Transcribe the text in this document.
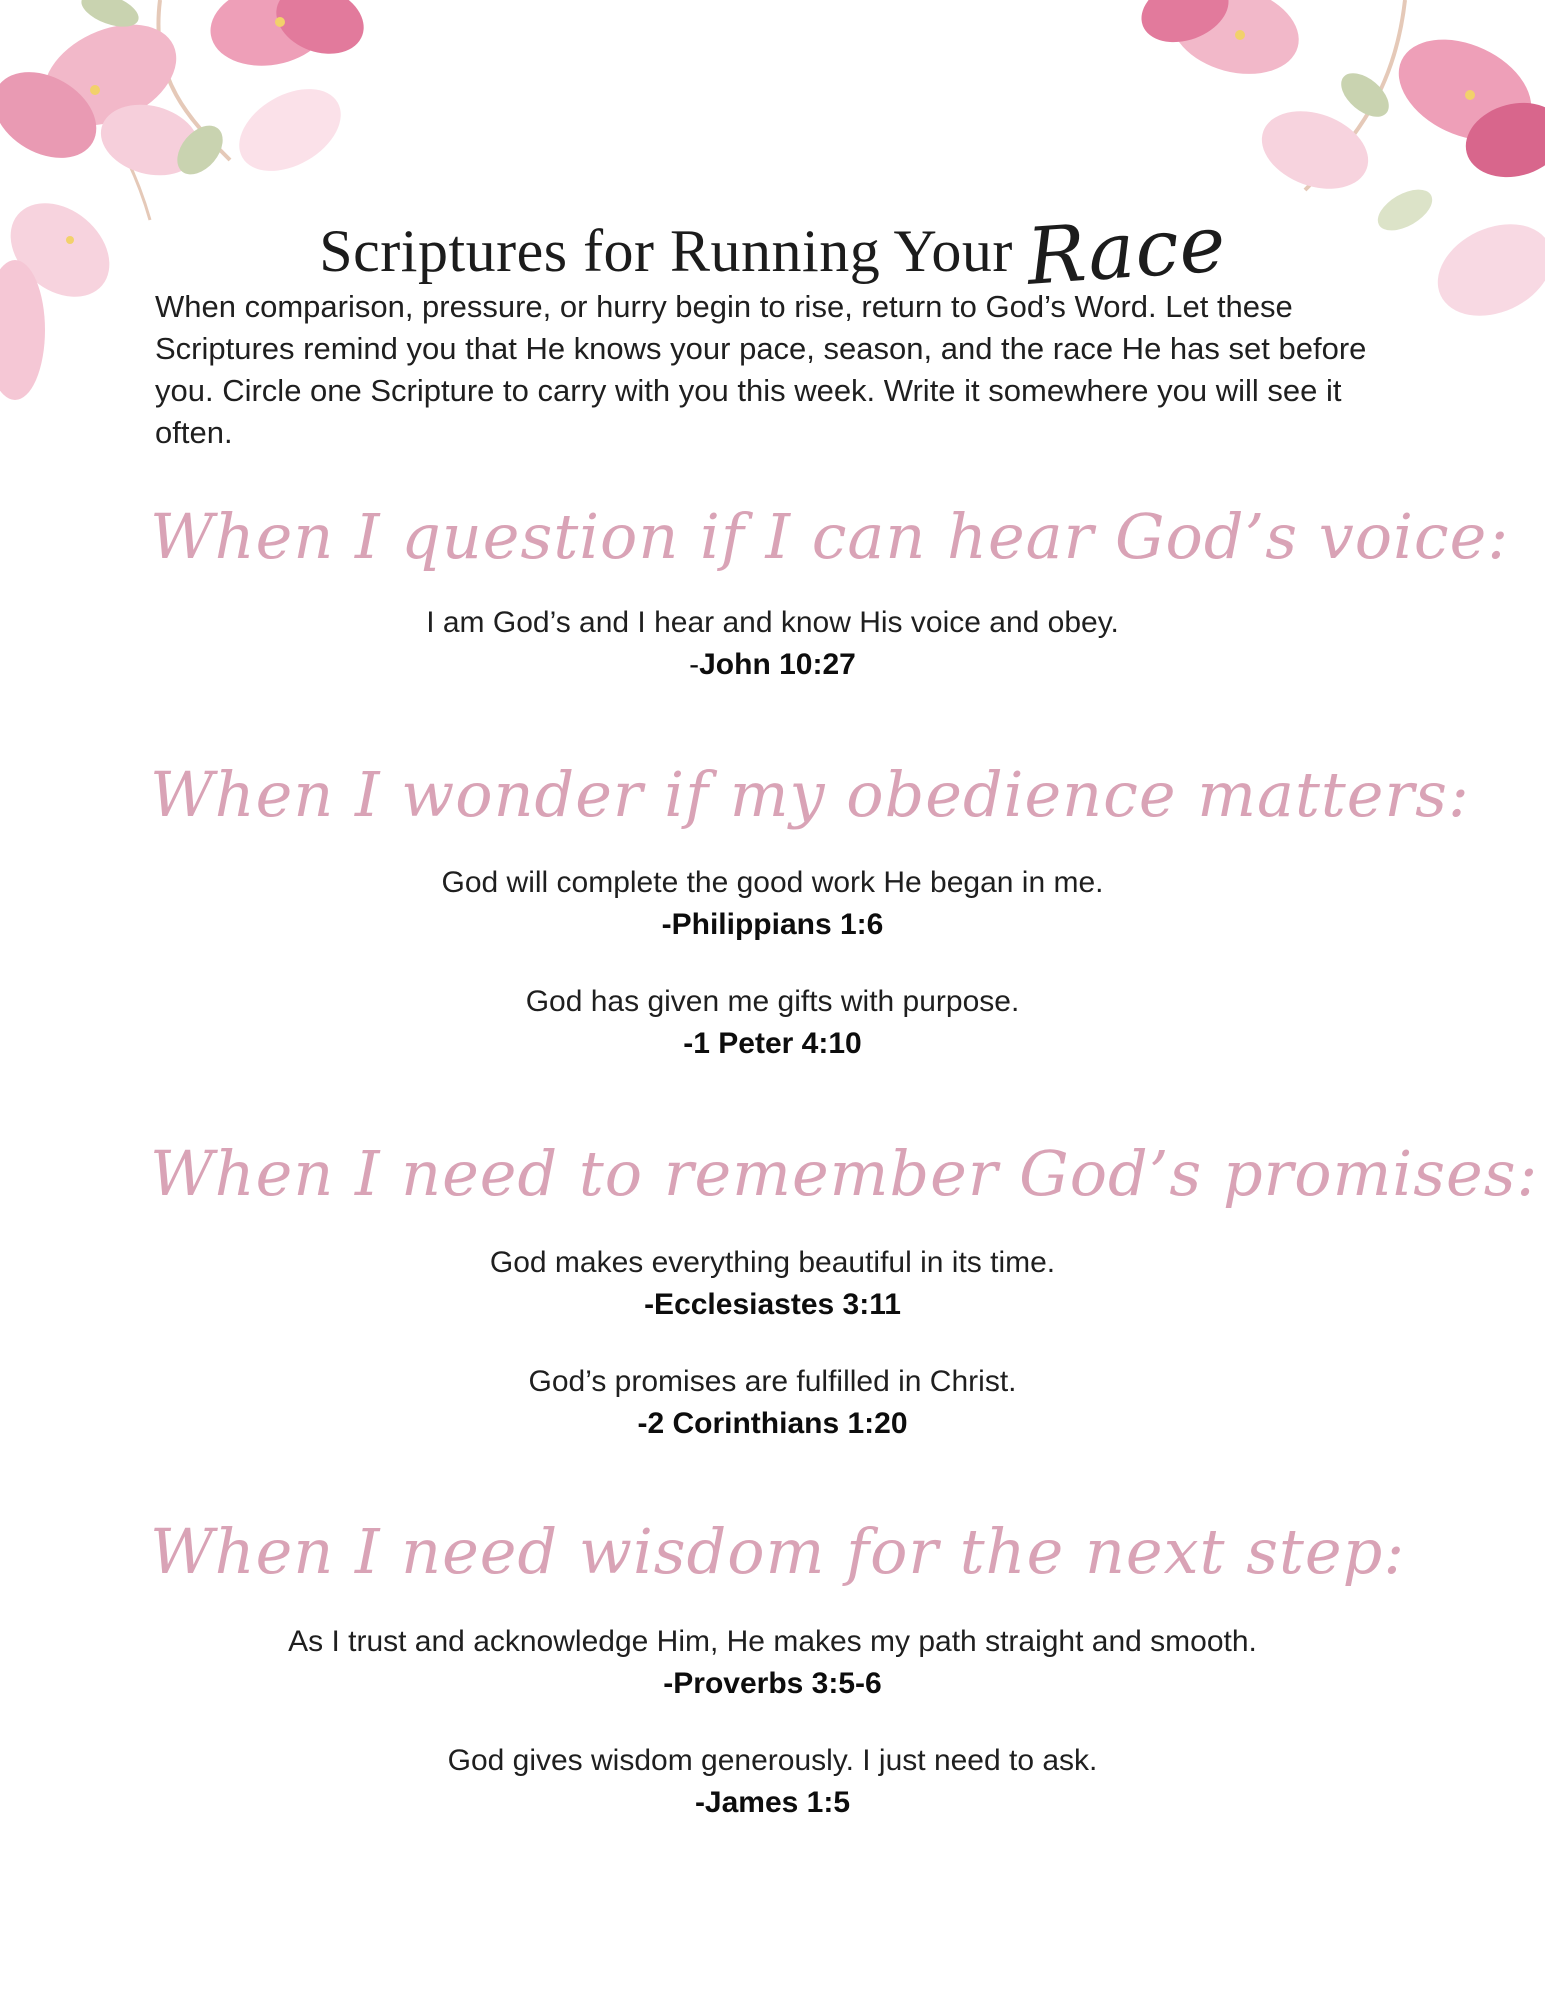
Scriptures for Running Your Race
When comparison, pressure, or hurry begin to rise, return to God’s Word. Let these Scriptures remind you that He knows your pace, season, and the race He has set before you. Circle one Scripture to carry with you this week. Write it somewhere you will see it often.
When I question if I can hear God’s voice:
I am God’s and I hear and know His voice and obey.
-John 10:27
When I wonder if my obedience matters:
God will complete the good work He began in me.
-Philippians 1:6
God has given me gifts with purpose.
-1 Peter 4:10
When I need to remember God’s promises:
God makes everything beautiful in its time.
-Ecclesiastes 3:11
God’s promises are fulfilled in Christ.
-2 Corinthians 1:20
When I need wisdom for the next step:
As I trust and acknowledge Him, He makes my path straight and smooth.
-Proverbs 3:5-6
God gives wisdom generously. I just need to ask.
-James 1:5
